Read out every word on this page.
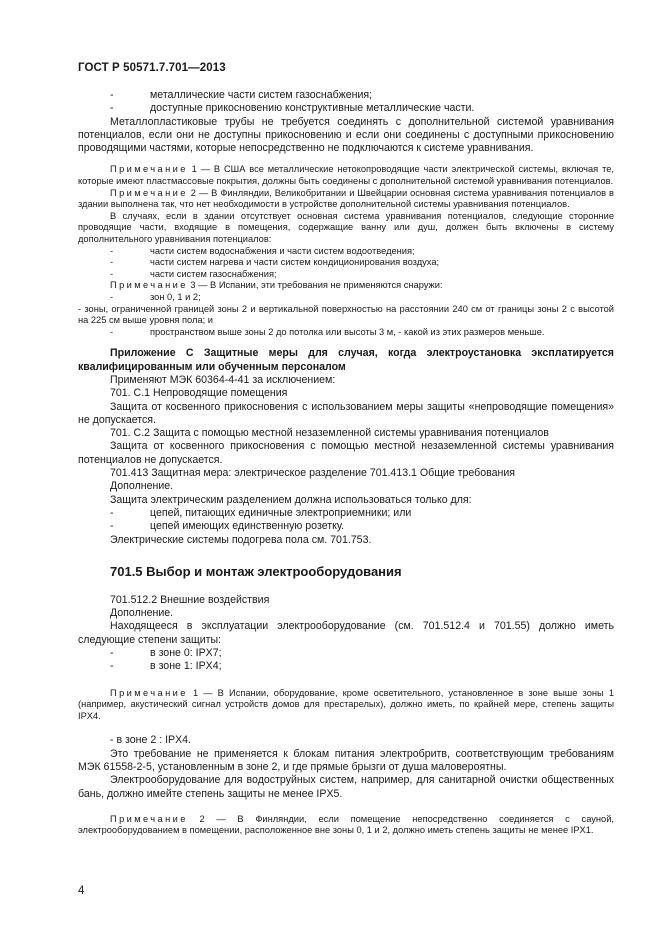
ГОСТ Р 50571.7.701—2013
-	металлические части систем газоснабжения;
-	доступные прикосновению конструктивные металлические части.

Металлопластиковые трубы не требуется соединять с дополнительной системой уравнивания потенциалов, если они не доступны прикосновению и если они соединены с доступными прикосновению проводящими частями, которые непосредственно не подключаются к системе уравнивания.

Примечание 1 — В США все металлические нетокопроводящие части электрической системы, включая те, которые имеют пластмассовые покрытия, должны быть соединены с дополнительной системой уравнивания потенциалов.

Примечание 2 — В Финляндии, Великобритании и Швейцарии основная система уравнивания потенциалов в здании выполнена так, что нет необходимости в устройстве дополнительной системы уравнивания потенциалов.

В случаях, если в здании отсутствует основная система уравнивания потенциалов, следующие сторонние проводящие части, входящие в помещения, содержащие ванну или душ, должен быть включены в систему дополнительного уравнивания потенциалов:

-	части систем водоснабжения и части систем водоотведения;
-	части систем нагрева и части систем кондиционирования воздуха;
-	части систем газоснабжения;

Примечание 3 — В Испании, эти требования не применяются снаружи:

-	зон 0, 1 и 2;

- зоны, ограниченной границей зоны 2 и вертикальной поверхностью на расстоянии 240 см от границы зоны 2 с высотой на 225 см выше уровня пола; и

-	пространством выше зоны 2 до потолка или высоты 3 м, - какой из этих размеров меньше.

Приложение С Защитные меры для случая, когда электроустановка эксплатируется квалифицированным или обученным персоналом

Применяют МЭК 60364-4-41 за исключением:

701. С.1 Непроводящие помещения

Защита от косвенного прикосновения с использованием меры защиты «непроводящие помещения» не допускается.

701. С.2 Защита с помощью местной незаземленной системы уравнивания потенциалов

Защита от косвенного прикосновения с помощью местной незаземленной системы уравнивания потенциалов не допускается.

701.413 Защитная мера: электрическое разделение 701.413.1 Общие требования

Дополнение.

Защита электрическим разделением должна использоваться только для:

-	цепей, питающих единичные электроприемники; или
-	цепей имеющих единственную розетку.

Электрические системы подогрева пола см. 701.753.

701.5 Выбор и монтаж электрооборудования

701.512.2 Внешние воздействия

Дополнение.

Находящееся в эксплуатации электрооборудование (см. 701.512.4 и 701.55) должно иметь следующие степени защиты:

-	в зоне 0: IPX7;
-	в зоне 1: IPX4;

Примечание 1 — В Испании, оборудование, кроме осветительного, установленное в зоне выше зоны 1 (например, акустический сигнал устройств домов для престарелых), должно иметь, по крайней мере, степень защиты IPX4.

- в зоне 2 : IPX4.

Это требование не применяется к блокам питания электробритв, соответствующим требованиям МЭК 61558-2-5, установленным в зоне 2, и где прямые брызги от душа маловероятны.

Электрооборудование для водоструйных систем, например, для санитарной очистки общественных бань, должно имейте степень защиты не менее IPX5.

Примечание 2 — В Финляндии, если помещение непосредственно соединяется с сауной, электрооборудованием в помещении, расположенное вне зоны 0, 1 и 2, должно иметь степень защиты не менее IPX1.

4
